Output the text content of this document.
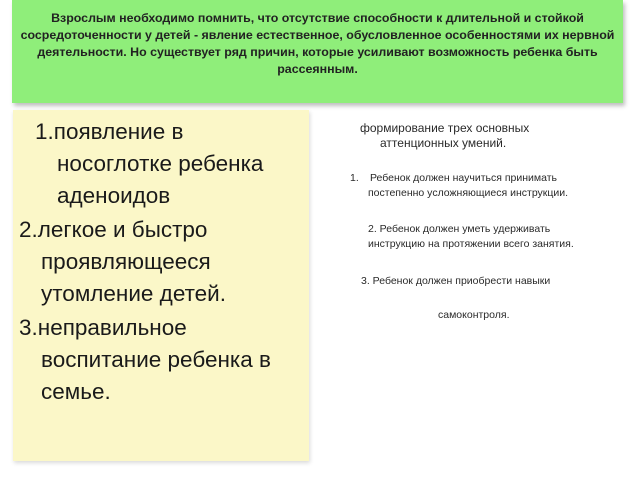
Взрослым необходимо помнить, что отсутствие способности к длительной и стойкой сосредоточенности у детей - явление естественное, обусловленное особенностями их нервной деятельности. Но существует ряд причин, которые усиливают возможность ребенка быть рассеянным.
1.появление в носоглотке ребенка аденоидов
2.легкое и быстро проявляющееся утомление детей.
3.неправильное воспитание ребенка в семье.
формирование трех основных
аттенционных умений.
1. Ребенок должен научиться принимать
постепенно усложняющиеся инструкции.
2. Ребенок должен уметь удерживать
инструкцию на протяжении всего занятия.
3. Ребенок должен приобрести навыки
самоконтроля.
